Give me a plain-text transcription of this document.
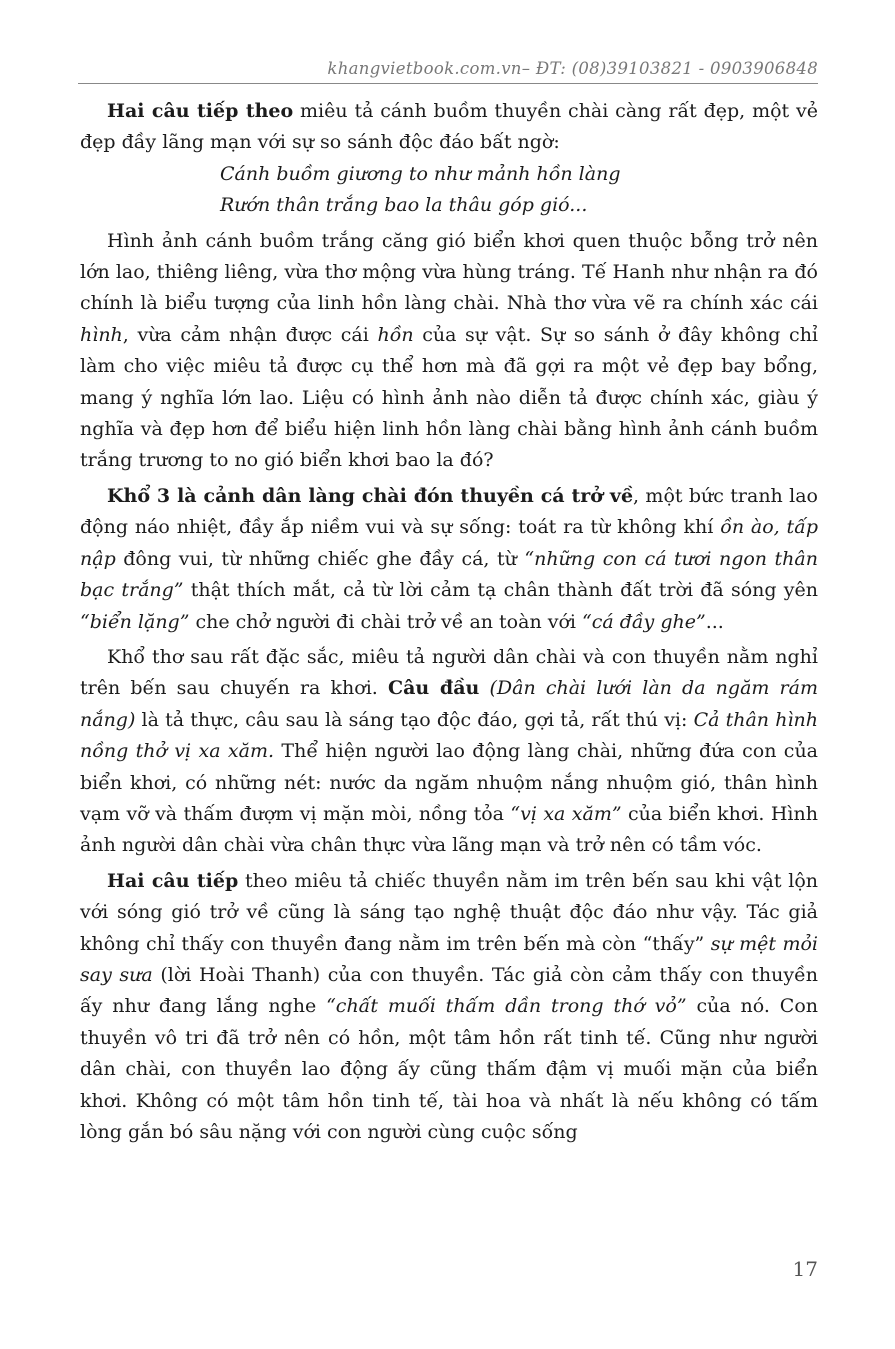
khangvietbook.com.vn– ĐT: (08)39103821 - 0903906848

Hai câu tiếp theo miêu tả cánh buồm thuyền chài càng rất đẹp, một vẻ đẹp đầy lãng mạn với sự so sánh độc đáo bất ngờ:

Cánh buồm giương to như mảnh hồn làng
Rướn thân trắng bao la thâu góp gió...

Hình ảnh cánh buồm trắng căng gió biển khơi quen thuộc bỗng trở nên lớn lao, thiêng liêng, vừa thơ mộng vừa hùng tráng. Tế Hanh như nhận ra đó chính là biểu tượng của linh hồn làng chài. Nhà thơ vừa vẽ ra chính xác cái hình, vừa cảm nhận được cái hồn của sự vật. Sự so sánh ở đây không chỉ làm cho việc miêu tả được cụ thể hơn mà đã gợi ra một vẻ đẹp bay bổng, mang ý nghĩa lớn lao. Liệu có hình ảnh nào diễn tả được chính xác, giàu ý nghĩa và đẹp hơn để biểu hiện linh hồn làng chài bằng hình ảnh cánh buồm trắng trương to no gió biển khơi bao la đó?

Khổ 3 là cảnh dân làng chài đón thuyền cá trở về, một bức tranh lao động náo nhiệt, đầy ắp niềm vui và sự sống: toát ra từ không khí ồn ào, tấp nập đông vui, từ những chiếc ghe đầy cá, từ “những con cá tươi ngon thân bạc trắng” thật thích mắt, cả từ lời cảm tạ chân thành đất trời đã sóng yên “biển lặng” che chở người đi chài trở về an toàn với “cá đầy ghe”...

Khổ thơ sau rất đặc sắc, miêu tả người dân chài và con thuyền nằm nghỉ trên bến sau chuyến ra khơi. Câu đầu (Dân chài lưới làn da ngăm rám nắng) là tả thực, câu sau là sáng tạo độc đáo, gợi tả, rất thú vị: Cả thân hình nồng thở vị xa xăm. Thể hiện người lao động làng chài, những đứa con của biển khơi, có những nét: nước da ngăm nhuộm nắng nhuộm gió, thân hình vạm vỡ và thấm đượm vị mặn mòi, nồng tỏa “vị xa xăm” của biển khơi. Hình ảnh người dân chài vừa chân thực vừa lãng mạn và trở nên có tầm vóc.

Hai câu tiếp theo miêu tả chiếc thuyền nằm im trên bến sau khi vật lộn với sóng gió trở về cũng là sáng tạo nghệ thuật độc đáo như vậy. Tác giả không chỉ thấy con thuyền đang nằm im trên bến mà còn “thấy” sự mệt mỏi say sưa (lời Hoài Thanh) của con thuyền. Tác giả còn cảm thấy con thuyền ấy như đang lắng nghe “chất muối thấm dần trong thớ vỏ” của nó. Con thuyền vô tri đã trở nên có hồn, một tâm hồn rất tinh tế. Cũng như người dân chài, con thuyền lao động ấy cũng thấm đậm vị muối mặn của biển khơi. Không có một tâm hồn tinh tế, tài hoa và nhất là nếu không có tấm lòng gắn bó sâu nặng với con người cùng cuộc sống

17
